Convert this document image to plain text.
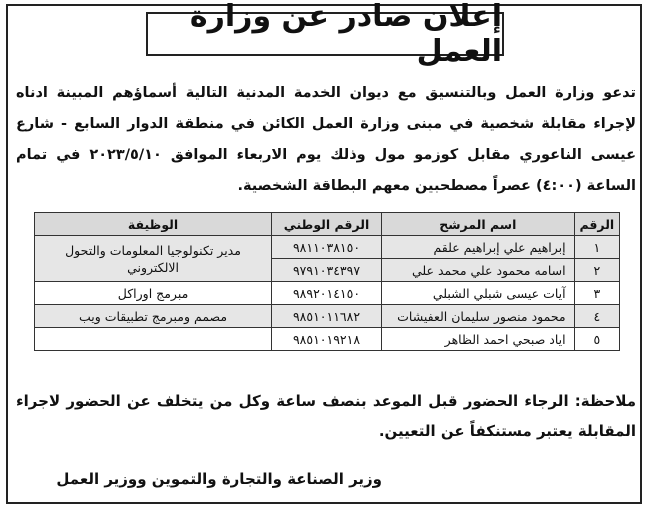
إعلان صادر عن وزارة العمل
تدعو وزارة العمل وبالتنسيق مع ديوان الخدمة المدنية التالية أسماؤهم المبينة ادناه لإجراء مقابلة شخصية في مبنى وزارة العمل الكائن في منطقة الدوار السابع - شارع عيسى الناعوري مقابل كوزمو مول وذلك يوم الاربعاء الموافق ٢٠٢٣/٥/١٠ في تمام الساعة (٤:٠٠) عصراً مصطحبين معهم البطاقة الشخصية.
الرقم	اسم المرشح	الرقم الوطني	الوظيفة
١	إبراهيم علي إبراهيم علقم	٩٨١١٠٣٨١٥٠	مدير تكنولوجيا المعلومات والتحول الالكتروني
٢	اسامه محمود علي محمد علي	٩٧٩١٠٣٤٣٩٧	
٣	آيات عيسى شبلي الشبلي	٩٨٩٢٠١٤١٥٠	مبرمج اوراكل
٤	محمود منصور سليمان العفيشات	٩٨٥١٠١١٦٨٢	مصمم ومبرمج تطبيقات ويب
٥	اياد صبحي احمد الظاهر	٩٨٥١٠١٩٢١٨	
ملاحظة: الرجاء الحضور قبل الموعد بنصف ساعة وكل من يتخلف عن الحضور لاجراء المقابلة يعتبر مستنكفاً عن التعيين.
وزير الصناعة والتجارة والتموين ووزير العمل
